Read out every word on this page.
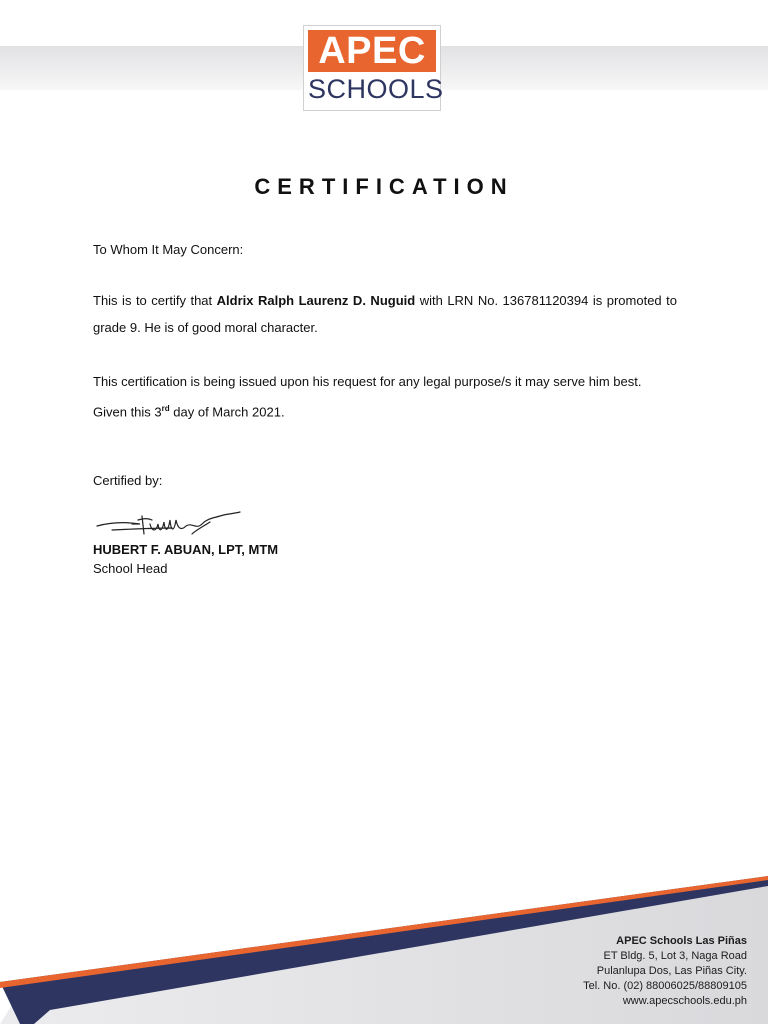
APEC
SCHOOLS
CERTIFICATION
To Whom It May Concern:
This is to certify that Aldrix Ralph Laurenz D. Nuguid with LRN No. 136781120394 is promoted to grade 9. He is of good moral character.
This certification is being issued upon his request for any legal purpose/s it may serve him best. Given this 3rd day of March 2021.
Certified by:
HUBERT F. ABUAN, LPT, MTM
School Head
APEC Schools Las Piñas
ET Bldg. 5, Lot 3, Naga Road
Pulanlupa Dos, Las Piñas City.
Tel. No. (02) 88006025/88809105
www.apecschools.edu.ph
